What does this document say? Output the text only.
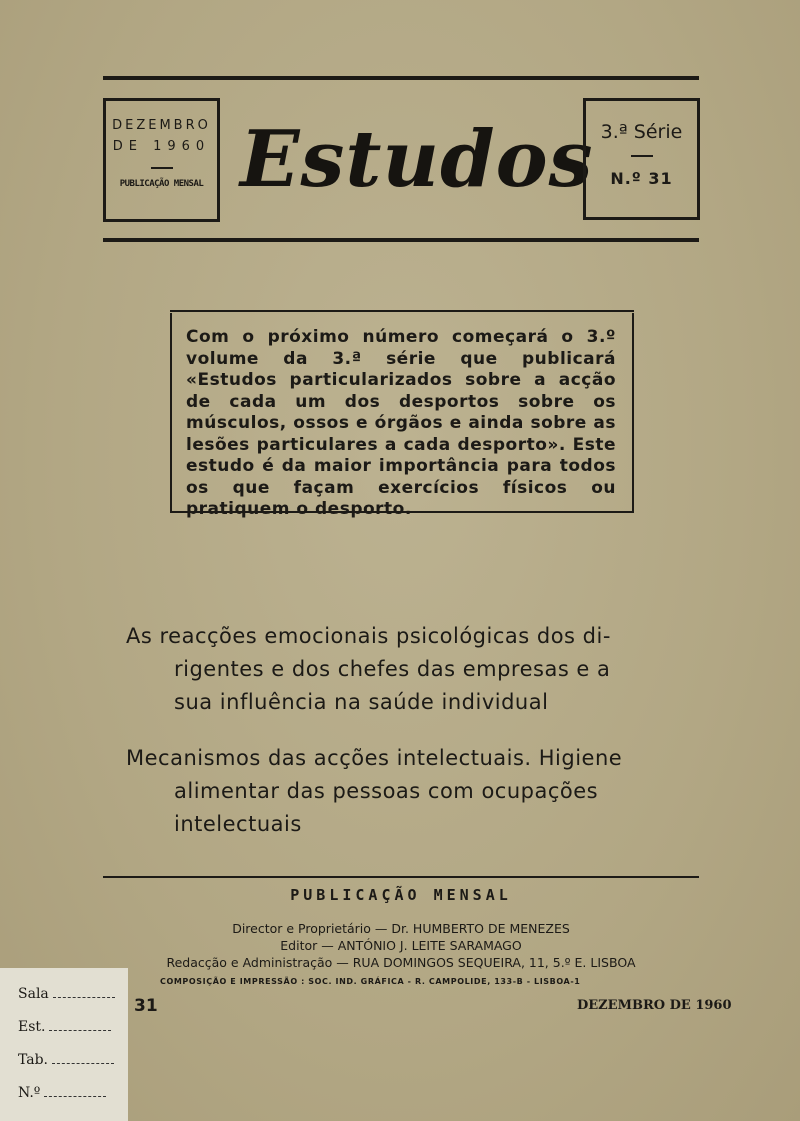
DEZEMBRO
DE 1960
PUBLICAÇÃO MENSAL Estudos 3.ª Série
N.º 31

Com o próximo número começará o 3.º volume da 3.ª série que publicará «Estudos particularizados sobre a acção de cada um dos desportos sobre os músculos, ossos e órgãos e ainda sobre as lesões particulares a cada desporto». Este estudo é da maior importância para todos os que façam exercícios físicos ou pratiquem o desporto.

As reacções emocionais psicológicas dos di-
rigentes e dos chefes das empresas e a
sua influência na saúde individual
Mecanismos das acções intelectuais. Higiene
alimentar das pessoas com ocupações
intelectuais
PUBLICAÇÃO MENSAL
Director e Proprietário — Dr. HUMBERTO DE MENEZES
Editor — ANTÓNIO J. LEITE SARAMAGO
Redacção e Administração — RUA DOMINGOS SEQUEIRA, 11, 5.º E. LISBOA
COMPOSIÇÃO E IMPRESSÃO : SOC. IND. GRÁFICA - R. CAMPOLIDE, 133-B - LISBOA-1
31	DEZEMBRO DE 1960
Sala
Est.
Tab.
N.º
